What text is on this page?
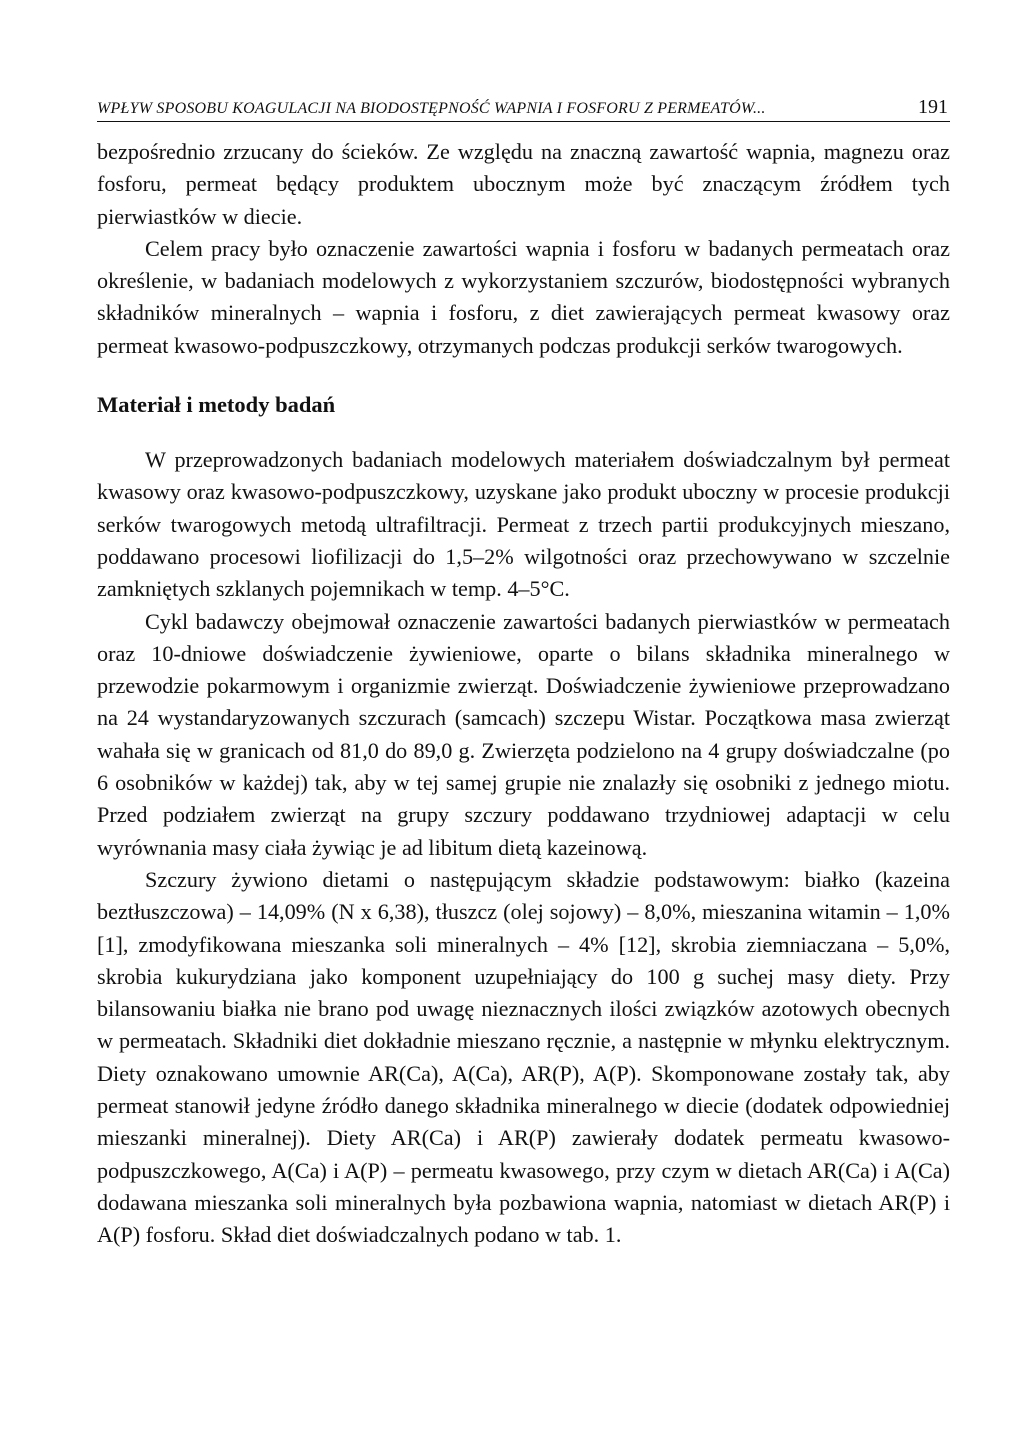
WPŁYW SPOSOBU KOAGULACJI NA BIODOSTĘPNOŚĆ WAPNIA I FOSFORU Z PERMEATÓW...	191

bezpośrednio zrzucany do ścieków. Ze względu na znaczną zawartość wapnia, magnezu oraz fosforu, permeat będący produktem ubocznym może być znaczącym źródłem tych pierwiastków w diecie.

Celem pracy było oznaczenie zawartości wapnia i fosforu w badanych permeatach oraz określenie, w badaniach modelowych z wykorzystaniem szczurów, biodostępności wybranych składników mineralnych – wapnia i fosforu, z diet zawierających permeat kwasowy oraz permeat kwasowo-podpuszczkowy, otrzymanych podczas produkcji serków twarogowych.

Materiał i metody badań

W przeprowadzonych badaniach modelowych materiałem doświadczalnym był permeat kwasowy oraz kwasowo-podpuszczkowy, uzyskane jako produkt uboczny w procesie produkcji serków twarogowych metodą ultrafiltracji. Permeat z trzech partii produkcyjnych mieszano, poddawano procesowi liofilizacji do 1,5–2% wilgotności oraz przechowywano w szczelnie zamkniętych szklanych pojemnikach w temp. 4–5°C.

Cykl badawczy obejmował oznaczenie zawartości badanych pierwiastków w permeatach oraz 10-dniowe doświadczenie żywieniowe, oparte o bilans składnika mineralnego w przewodzie pokarmowym i organizmie zwierząt. Doświadczenie żywieniowe przeprowadzano na 24 wystandaryzowanych szczurach (samcach) szczepu Wistar. Początkowa masa zwierząt wahała się w granicach od 81,0 do 89,0 g. Zwierzęta podzielono na 4 grupy doświadczalne (po 6 osobników w każdej) tak, aby w tej samej grupie nie znalazły się osobniki z jednego miotu. Przed podziałem zwierząt na grupy szczury poddawano trzydniowej adaptacji w celu wyrównania masy ciała żywiąc je ad libitum dietą kazeinową.

Szczury żywiono dietami o następującym składzie podstawowym: białko (kazeina beztłuszczowa) – 14,09% (N x 6,38), tłuszcz (olej sojowy) – 8,0%, mieszanina witamin – 1,0% [1], zmodyfikowana mieszanka soli mineralnych – 4% [12], skrobia ziemniaczana – 5,0%, skrobia kukurydziana jako komponent uzupełniający do 100 g suchej masy diety. Przy bilansowaniu białka nie brano pod uwagę nieznacznych ilości związków azotowych obecnych w permeatach. Składniki diet dokładnie mieszano ręcznie, a następnie w młynku elektrycznym. Diety oznakowano umownie AR(Ca), A(Ca), AR(P), A(P). Skomponowane zostały tak, aby permeat stanowił jedyne źródło danego składnika mineralnego w diecie (dodatek odpowiedniej mieszanki mineralnej). Diety AR(Ca) i AR(P) zawierały dodatek permeatu kwasowo-podpuszczkowego, A(Ca) i A(P) – permeatu kwasowego, przy czym w dietach AR(Ca) i A(Ca) dodawana mieszanka soli mineralnych była pozbawiona wapnia, natomiast w dietach AR(P) i A(P) fosforu. Skład diet doświadczalnych podano w tab. 1.
